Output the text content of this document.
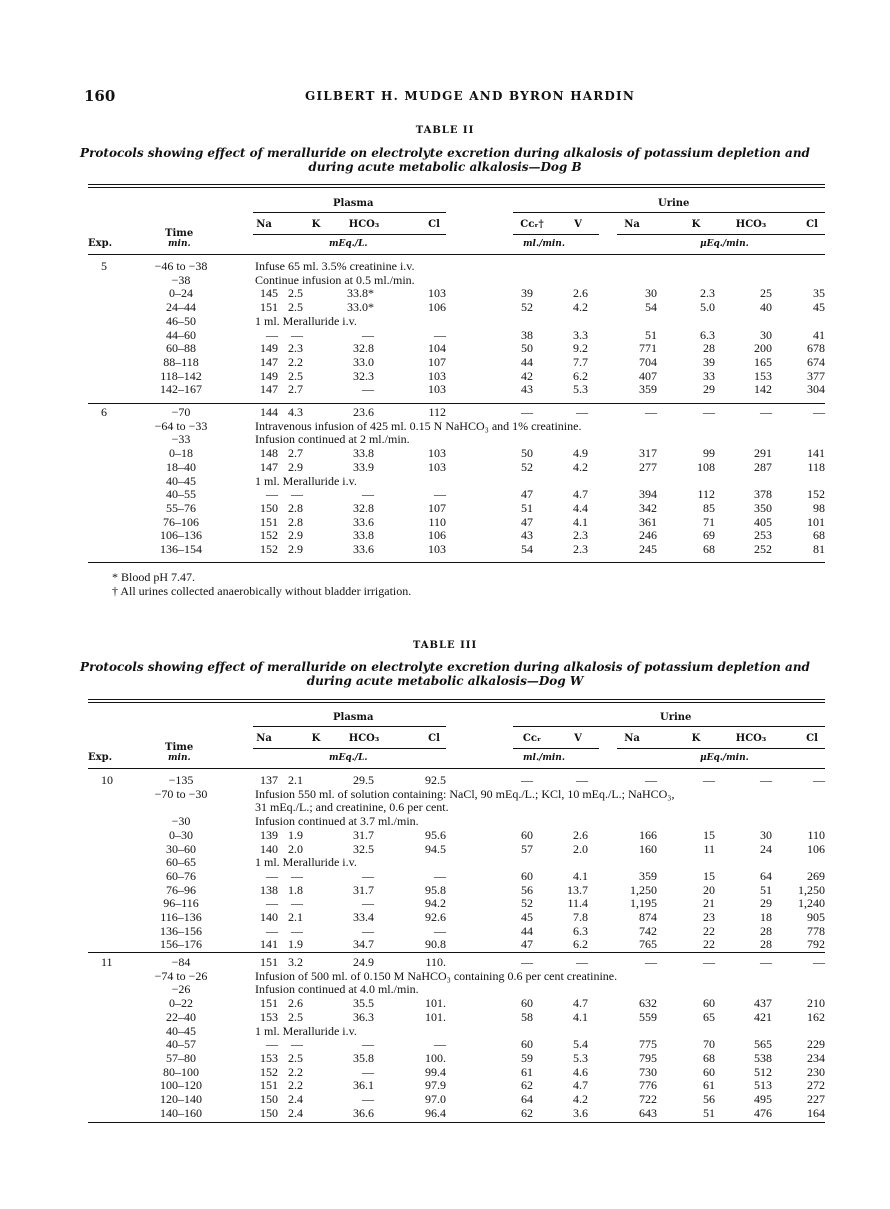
160	GILBERT H. MUDGE AND BYRON HARDIN
TABLE II
Protocols showing effect of meralluride on electrolyte excretion during alkalosis of potassium depletion and
during acute metabolic alkalosis—Dog B
Plasma	Urine
Na	K	HCO₃	Cl	Cᴄᵣ†	V	Na	K	HCO₃	Cl
Time
Exp.	min.	mEq./L.	ml./min.	μEq./min.
5	−46 to −38	Infuse 65 ml. 3.5% creatinine i.v.
−38	Continue infusion at 0.5 ml./min.
0–24	145 2.5	33.8*	103	39	2.6	30	2.3	25	35
24–44	151 2.5	33.0*	106	52	4.2	54	5.0	40	45
46–50	1 ml. Meralluride i.v.
44–60	—	—	—	—	38	3.3	51	6.3	30	41
60–88	149 2.3	32.8	104	50	9.2	771	28	200	678
88–118	147 2.2	33.0	107	44	7.7	704	39	165	674
118–142	149 2.5	32.3	103	42	6.2	407	33	153	377
142–167	147 2.7	—	103	43	5.3	359	29	142	304
6	−70	144 4.3	23.6	112	—	—	—	—	—	—
−64 to −33	Intravenous infusion of 425 ml. 0.15 N NaHCO₃ and 1% creatinine.
−33	Infusion continued at 2 ml./min.
0–18	148 2.7	33.8	103	50	4.9	317	99	291	141
18–40	147 2.9	33.9	103	52	4.2	277	108	287	118
40–45	1 ml. Meralluride i.v.
40–55	—	—	—	—	47	4.7	394	112	378	152
55–76	150 2.8	32.8	107	51	4.4	342	85	350	98
76–106	151 2.8	33.6	110	47	4.1	361	71	405	101
106–136	152 2.9	33.8	106	43	2.3	246	69	253	68
136–154	152 2.9	33.6	103	54	2.3	245	68	252	81
* Blood pH 7.47.
† All urines collected anaerobically without bladder irrigation.
TABLE III
Protocols showing effect of meralluride on electrolyte excretion during alkalosis of potassium depletion and
during acute metabolic alkalosis—Dog W
Plasma	Urine
Na	K	HCO₃	Cl	Cᴄᵣ	V	Na	K	HCO₃	Cl
Time
Exp.	min.	mEq./L.	ml./min.	μEq./min.
10	−135	137 2.1	29.5	92.5	—	—	—	—	—	—
−70 to −30	Infusion 550 ml. of solution containing: NaCl, 90 mEq./L.; KCl, 10 mEq./L.; NaHCO₃,
31 mEq./L.; and creatinine, 0.6 per cent.
−30	Infusion continued at 3.7 ml./min.
0–30	139 1.9	31.7	95.6	60	2.6	166	15	30	110
30–60	140 2.0	32.5	94.5	57	2.0	160	11	24	106
60–65	1 ml. Meralluride i.v.
60–76	—	—	—	—	60	4.1	359	15	64	269
76–96	138 1.8	31.7	95.8	56	13.7	1,250	20	51	1,250
96–116	—	—	—	94.2	52	11.4	1,195	21	29	1,240
116–136	140 2.1	33.4	92.6	45	7.8	874	23	18	905
136–156	—	—	—	—	44	6.3	742	22	28	778
156–176	141 1.9	34.7	90.8	47	6.2	765	22	28	792
11	−84	151 3.2	24.9	110.	—	—	—	—	—	—
−74 to −26	Infusion of 500 ml. of 0.150 M NaHCO₃ containing 0.6 per cent creatinine.
−26	Infusion continued at 4.0 ml./min.
0–22	151 2.6	35.5	101.	60	4.7	632	60	437	210
22–40	153 2.5	36.3	101.	58	4.1	559	65	421	162
40–45	1 ml. Meralluride i.v.
40–57	—	—	—	—	60	5.4	775	70	565	229
57–80	153 2.5	35.8	100.	59	5.3	795	68	538	234
80–100	152 2.2	—	99.4	61	4.6	730	60	512	230
100–120	151 2.2	36.1	97.9	62	4.7	776	61	513	272
120–140	150 2.4	—	97.0	64	4.2	722	56	495	227
140–160	150 2.4	36.6	96.4	62	3.6	643	51	476	164
